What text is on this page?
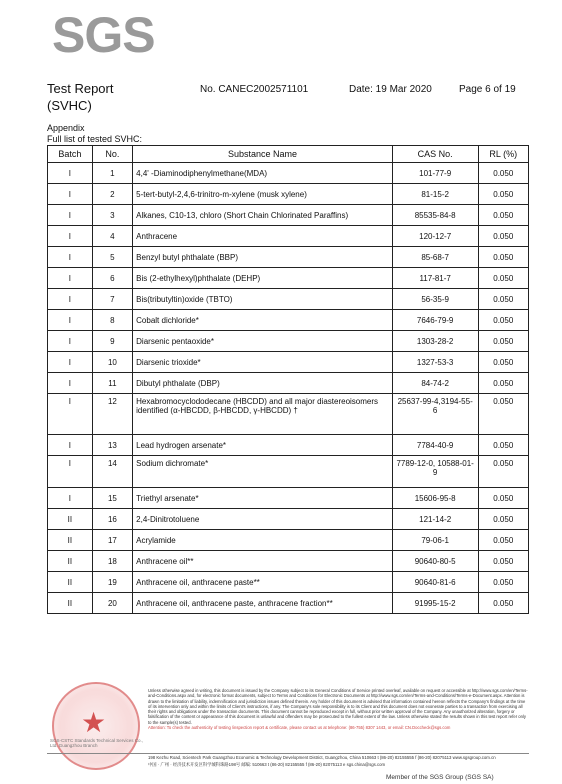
SGS
Test Report
(SVHC)
No. CANEC2002571101	Date: 19 Mar 2020	Page 6 of 19
Appendix
Full list of tested SVHC:
Batch	No.	Substance Name	CAS No.	RL (%)
I	1	4,4' -Diaminodiphenylmethane(MDA)	101-77-9	0.050
I	2	5-tert-butyl-2,4,6-trinitro-m-xylene (musk xylene)	81-15-2	0.050
I	3	Alkanes, C10-13, chloro (Short Chain Chlorinated Paraffins)	85535-84-8	0.050
I	4	Anthracene	120-12-7	0.050
I	5	Benzyl butyl phthalate (BBP)	85-68-7	0.050
I	6	Bis (2-ethylhexyl)phthalate (DEHP)	117-81-7	0.050
I	7	Bis(tributyltin)oxide (TBTO)	56-35-9	0.050
I	8	Cobalt dichloride*	7646-79-9	0.050
I	9	Diarsenic pentaoxide*	1303-28-2	0.050
I	10	Diarsenic trioxide*	1327-53-3	0.050
I	11	Dibutyl phthalate (DBP)	84-74-2	0.050
I	12	Hexabromocyclododecane (HBCDD) and all major diastereoisomers identified (α-HBCDD, β-HBCDD, γ-HBCDD) †	25637-99-4,3194-55-6	0.050
I	13	Lead hydrogen arsenate*	7784-40-9	0.050
I	14	Sodium dichromate*	7789-12-0, 10588-01-9	0.050
I	15	Triethyl arsenate*	15606-95-8	0.050
II	16	2,4-Dinitrotoluene	121-14-2	0.050
II	17	Acrylamide	79-06-1	0.050
II	18	Anthracene oil**	90640-80-5	0.050
II	19	Anthracene oil, anthracene paste**	90640-81-6	0.050
II	20	Anthracene oil, anthracene paste, anthracene fraction**	91995-15-2	0.050
Unless otherwise agreed in writing, this document is issued by the Company subject to its General Conditions of Service printed overleaf, available on request or accessible at http://www.sgs.com/en/Terms-and-Conditions.aspx and, for electronic format documents, subject to Terms and Conditions for Electronic Documents at http://www.sgs.com/en/Terms-and-Conditions/Terms-e-Document.aspx. Attention is drawn to the limitation of liability, indemnification and jurisdiction issues defined therein. Any holder of this document is advised that information contained hereon reflects the Company's findings at the time of its intervention only and within the limits of Client's instructions, if any. The Company's sole responsibility is to its Client and this document does not exonerate parties to a transaction from exercising all their rights and obligations under the transaction documents. This document cannot be reproduced except in full, without prior written approval of the Company. Any unauthorized alteration, forgery or falsification of the content or appearance of this document is unlawful and offenders may be prosecuted to the fullest extent of the law. Unless otherwise stated the results shown in this test report refer only to the sample(s) tested.
Attention: To check the authenticity of testing /inspection report & certificate, please contact us at telephone: (86-755) 8307 1443, or email: CN.Doccheck@sgs.com
★
SGS-CSTC Standards Technical Services Co., Ltd. Guangzhou Branch
198 Kezhu Road, Scientech Park Guangzhou Economic & Technology Development District, Guangzhou, China 510663 t (86-20) 82155555 f (86-20) 82075113 www.sgsgroup.com.cn
中国 · 广州 · 经济技术开发区科学城科珠路198号 邮编: 510663 t (86-20) 82155555 f (86-20) 82075113 e sgs.china@sgs.com
Member of the SGS Group (SGS SA)
